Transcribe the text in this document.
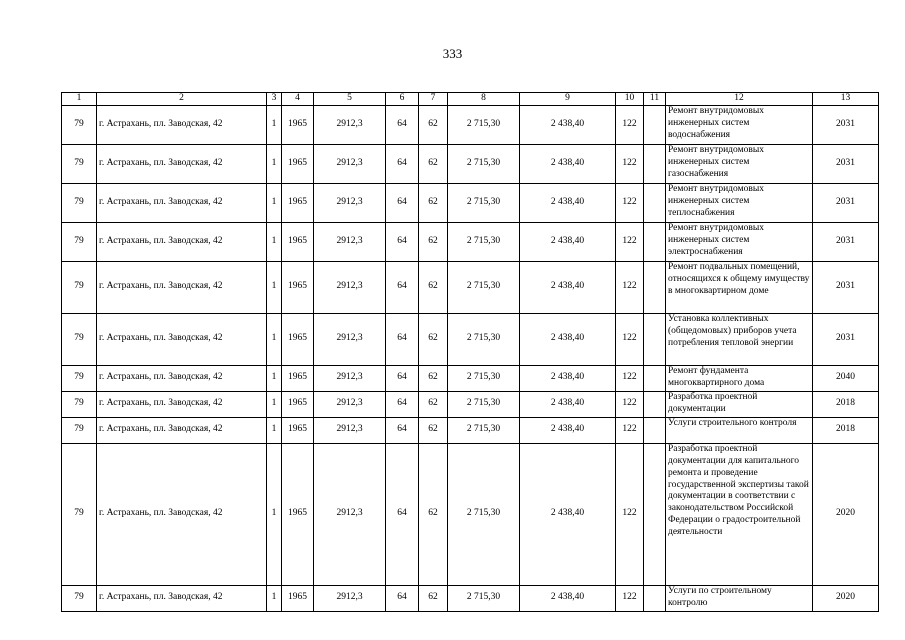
333
1	2	3	4	5	6	7	8	9	10	11	12	13
79	г. Астрахань, пл. Заводская, 42	1	1965	2912,3	64	62	2 715,30	2 438,40	122		Ремонт внутридомовых инженерных систем водоснабжения	2031
79	г. Астрахань, пл. Заводская, 42	1	1965	2912,3	64	62	2 715,30	2 438,40	122		Ремонт внутридомовых инженерных систем газоснабжения	2031
79	г. Астрахань, пл. Заводская, 42	1	1965	2912,3	64	62	2 715,30	2 438,40	122		Ремонт внутридомовых инженерных систем теплоснабжения	2031
79	г. Астрахань, пл. Заводская, 42	1	1965	2912,3	64	62	2 715,30	2 438,40	122		Ремонт внутридомовых инженерных систем электроснабжения	2031
79	г. Астрахань, пл. Заводская, 42	1	1965	2912,3	64	62	2 715,30	2 438,40	122		Ремонт подвальных помещений, относящихся к общему имуществу в многоквартирном доме	2031
79	г. Астрахань, пл. Заводская, 42	1	1965	2912,3	64	62	2 715,30	2 438,40	122		Установка коллективных (общедомовых) приборов учета потребления тепловой энергии	2031
79	г. Астрахань, пл. Заводская, 42	1	1965	2912,3	64	62	2 715,30	2 438,40	122		Ремонт фундамента многоквартирного дома	2040
79	г. Астрахань, пл. Заводская, 42	1	1965	2912,3	64	62	2 715,30	2 438,40	122		Разработка проектной документации	2018
79	г. Астрахань, пл. Заводская, 42	1	1965	2912,3	64	62	2 715,30	2 438,40	122		Услуги строительного контроля	2018
79	г. Астрахань, пл. Заводская, 42	1	1965	2912,3	64	62	2 715,30	2 438,40	122		Разработка проектной документации для капитального ремонта и проведение государственной экспертизы такой документации в соответствии с законодательством Российской Федерации о градостроительной деятельности	2020
79	г. Астрахань, пл. Заводская, 42	1	1965	2912,3	64	62	2 715,30	2 438,40	122		Услуги по строительному контролю	2020
